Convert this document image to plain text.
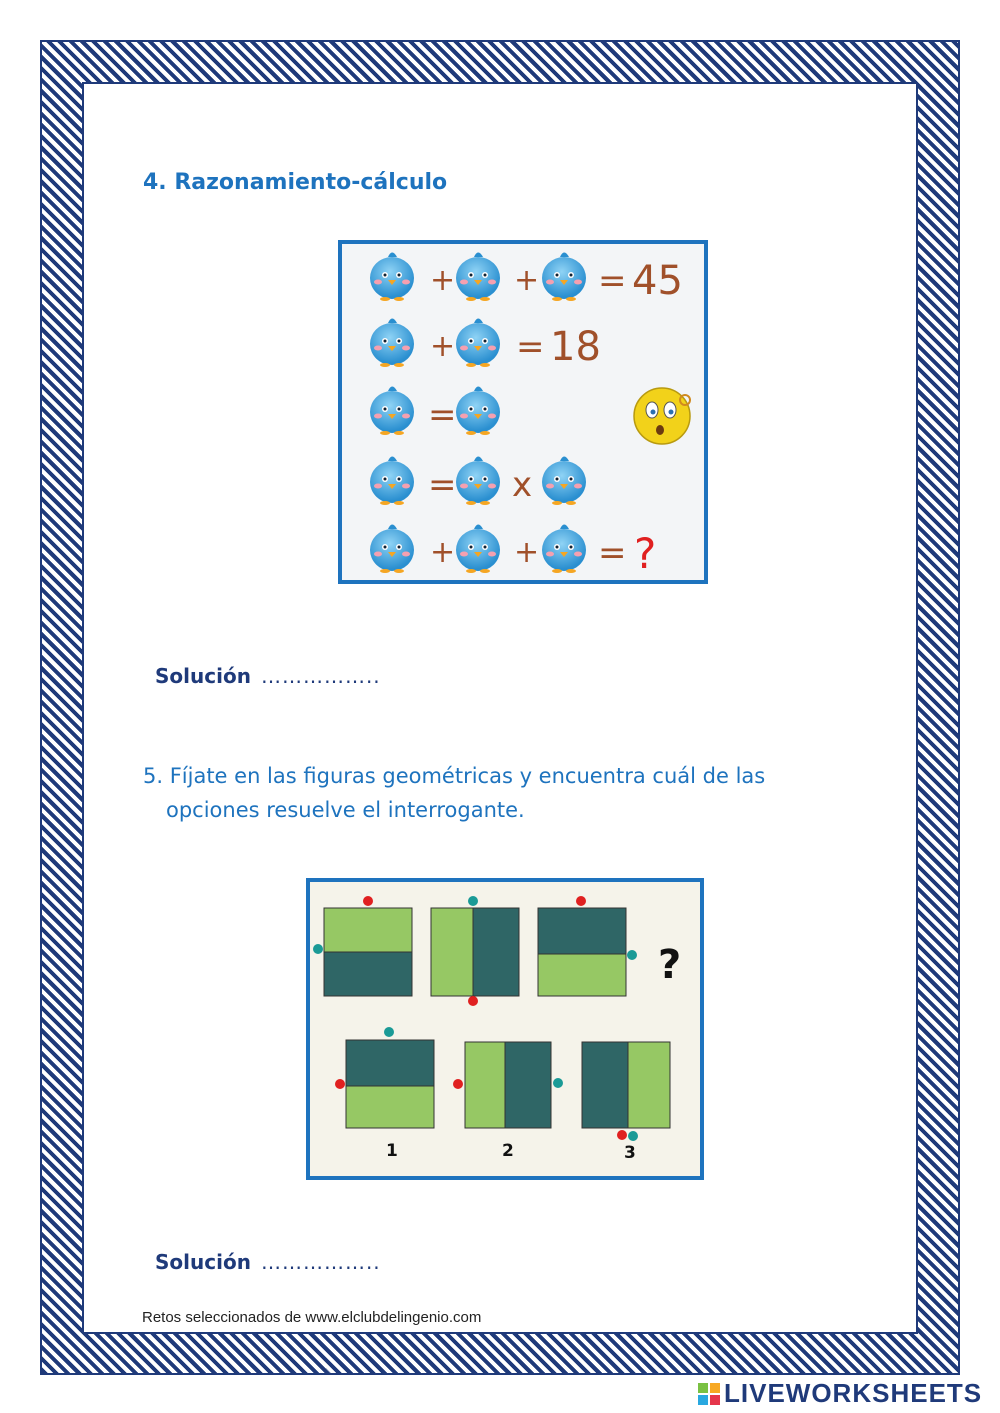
4. Razonamiento-cálculo
+ + = 45
+ = 18
=
= x
+ + = ?
Solución ……………..
5. Fíjate en las figuras geométricas y encuentra cuál de las
opciones resuelve el interrogante.
?
1	2	3
Solución ……………..
Retos seleccionados de www.elclubdelingenio.com
LIVEWORKSHEETS
